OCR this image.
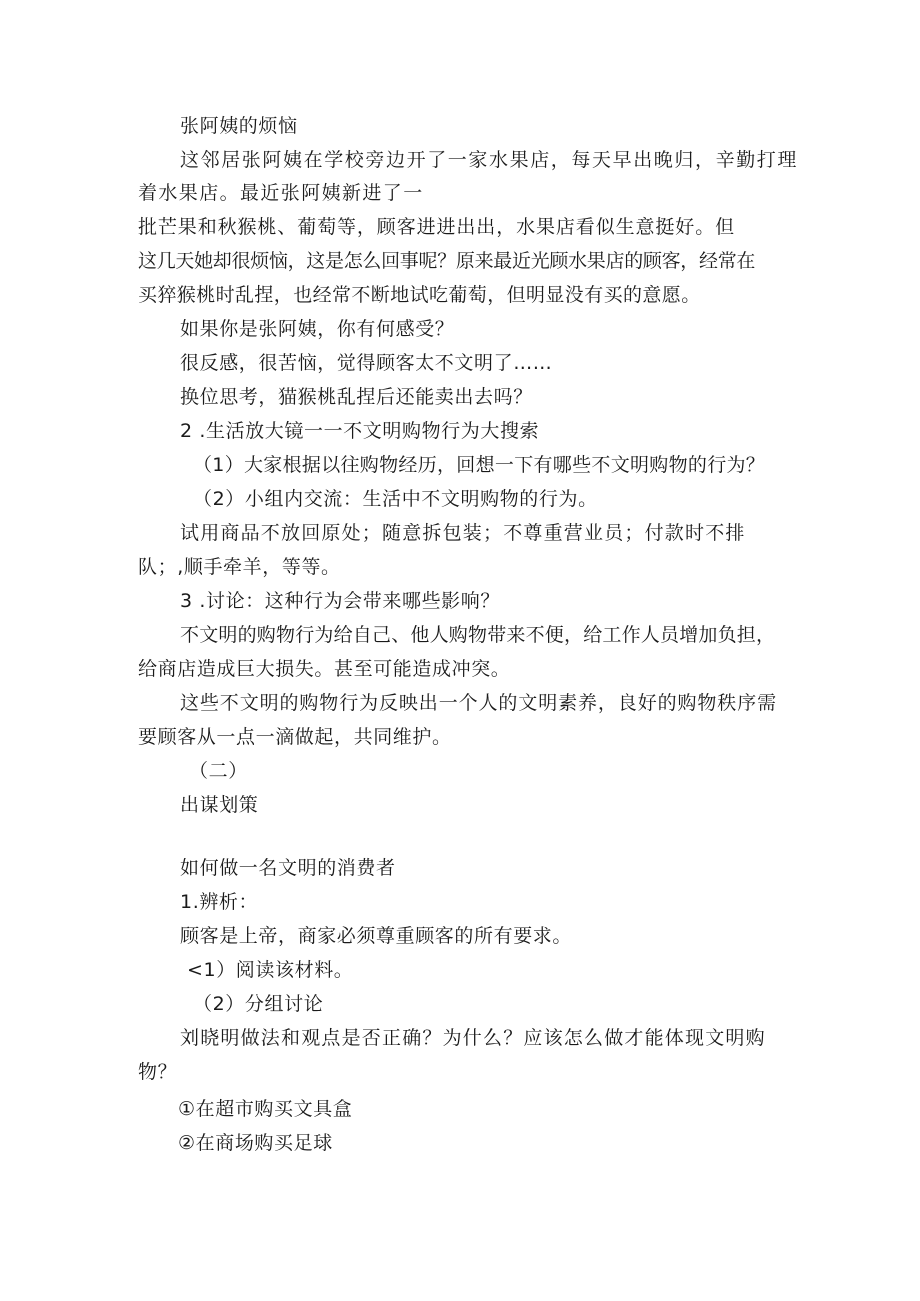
张阿姨的烦恼
这邻居张阿姨在学校旁边开了一家水果店，每天早出晚归，辛勤打理
着水果店。最近张阿姨新进了一
批芒果和秋猴桃、葡萄等，顾客进进出出，水果店看似生意挺好。但
这几天她却很烦恼，这是怎么回事呢？原来最近光顾水果店的顾客，经常在
买猝猴桃时乱捏，也经常不断地试吃葡萄，但明显没有买的意愿。
如果你是张阿姨，你有何感受？
很反感，很苦恼，觉得顾客太不文明了……
换位思考，猫猴桃乱捏后还能卖出去吗？
2 .生活放大镜一一不文明购物行为大搜索
（1）大家根据以往购物经历，回想一下有哪些不文明购物的行为？
（2）小组内交流：生活中不文明购物的行为。
试用商品不放回原处；随意拆包装；不尊重营业员；付款时不排
队；,顺手牵羊，等等。
3 .讨论：这种行为会带来哪些影响？
不文明的购物行为给自己、他人购物带来不便，给工作人员增加负担，
给商店造成巨大损失。甚至可能造成冲突。
这些不文明的购物行为反映出一个人的文明素养，良好的购物秩序需
要顾客从一点一滴做起，共同维护。
（二）
出谋划策
如何做一名文明的消费者
1.辨析：
顾客是上帝，商家必须尊重顾客的所有要求。
<1）阅读该材料。
（2）分组讨论
刘晓明做法和观点是否正确？为什么？应该怎么做才能体现文明购
物？
①在超市购买文具盒
②在商场购买足球
